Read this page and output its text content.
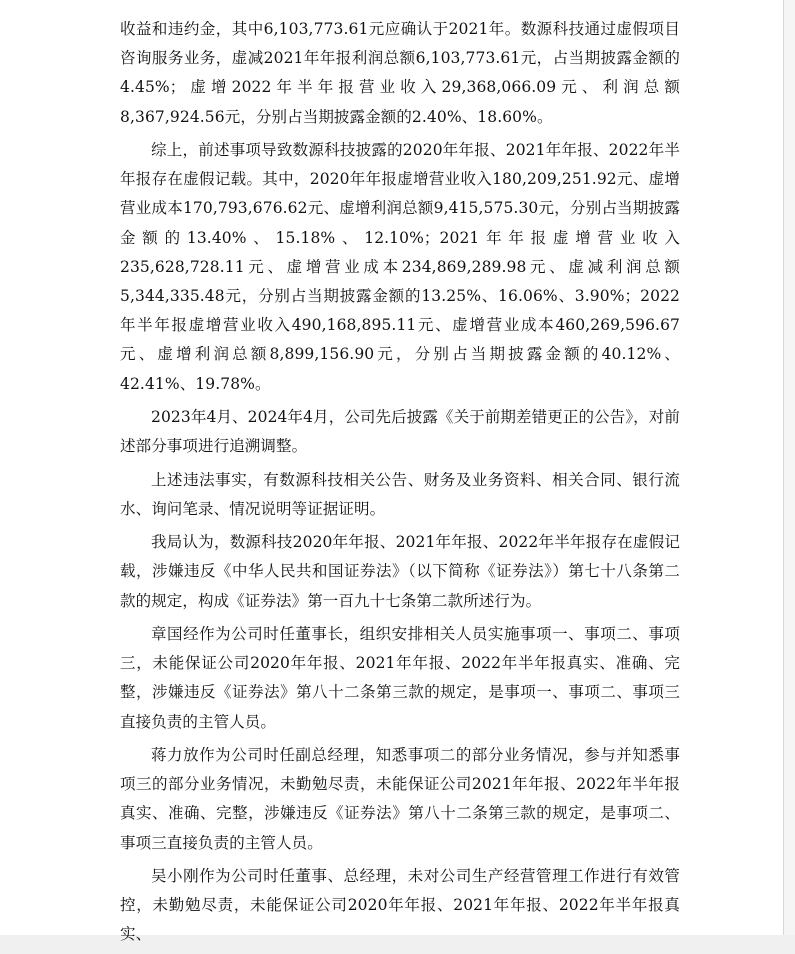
收益和违约金，其中6,103,773.61元应确认于2021年。数源科技通过虚假项目咨询服务业务，虚减2021年年报利润总额6,103,773.61元，占当期披露金额的4.45%；虚增2022年半年报营业收入29,368,066.09元、利润总额8,367,924.56元，分别占当期披露金额的2.40%、18.60%。

综上，前述事项导致数源科技披露的2020年年报、2021年年报、2022年半年报存在虚假记载。其中，2020年年报虚增营业收入180,209,251.92元、虚增营业成本170,793,676.62元、虚增利润总额9,415,575.30元，分别占当期披露金额的13.40%、15.18%、12.10%；2021年年报虚增营业收入235,628,728.11元、虚增营业成本234,869,289.98元、虚减利润总额5,344,335.48元，分别占当期披露金额的13.25%、16.06%、3.90%；2022年半年报虚增营业收入490,168,895.11元、虚增营业成本460,269,596.67元、虚增利润总额8,899,156.90元，分别占当期披露金额的40.12%、42.41%、19.78%。

2023年4月、2024年4月，公司先后披露《关于前期差错更正的公告》，对前述部分事项进行追溯调整。

上述违法事实，有数源科技相关公告、财务及业务资料、相关合同、银行流水、询问笔录、情况说明等证据证明。

我局认为，数源科技2020年年报、2021年年报、2022年半年报存在虚假记载，涉嫌违反《中华人民共和国证券法》（以下简称《证券法》）第七十八条第二款的规定，构成《证券法》第一百九十七条第二款所述行为。

章国经作为公司时任董事长，组织安排相关人员实施事项一、事项二、事项三，未能保证公司2020年年报、2021年年报、2022年半年报真实、准确、完整，涉嫌违反《证券法》第八十二条第三款的规定，是事项一、事项二、事项三直接负责的主管人员。

蒋力放作为公司时任副总经理，知悉事项二的部分业务情况，参与并知悉事项三的部分业务情况，未勤勉尽责，未能保证公司2021年年报、2022年半年报真实、准确、完整，涉嫌违反《证券法》第八十二条第三款的规定，是事项二、事项三直接负责的主管人员。

吴小刚作为公司时任董事、总经理，未对公司生产经营管理工作进行有效管控，未勤勉尽责，未能保证公司2020年年报、2021年年报、2022年半年报真实、
